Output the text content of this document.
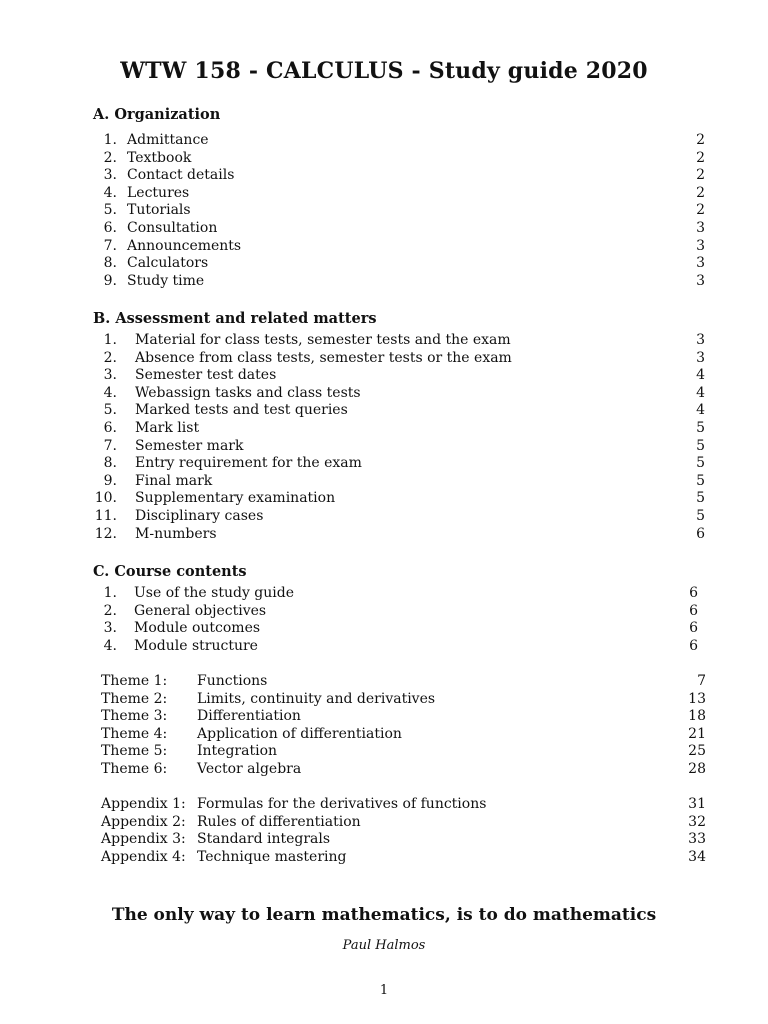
WTW 158 - CALCULUS - Study guide 2020
A. Organization
1. Admittance	2
2. Textbook	2
3. Contact details	2
4. Lectures	2
5. Tutorials	2
6. Consultation	3
7. Announcements	3
8. Calculators	3
9. Study time	3
B. Assessment and related matters
1. Material for class tests, semester tests and the exam	3
2. Absence from class tests, semester tests or the exam	3
3. Semester test dates	4
4. Webassign tasks and class tests	4
5. Marked tests and test queries	4
6. Mark list	5
7. Semester mark	5
8. Entry requirement for the exam	5
9. Final mark	5
10. Supplementary examination	5
11. Disciplinary cases	5
12. M-numbers	6
C. Course contents
1. Use of the study guide	6
2. General objectives	6
3. Module outcomes	6
4. Module structure	6
Theme 1: Functions	7
Theme 2: Limits, continuity and derivatives	13
Theme 3: Differentiation	18
Theme 4: Application of differentiation	21
Theme 5: Integration	25
Theme 6: Vector algebra	28
Appendix 1: Formulas for the derivatives of functions	31
Appendix 2: Rules of differentiation	32
Appendix 3: Standard integrals	33
Appendix 4: Technique mastering	34
The only way to learn mathematics, is to do mathematics
Paul Halmos
1
